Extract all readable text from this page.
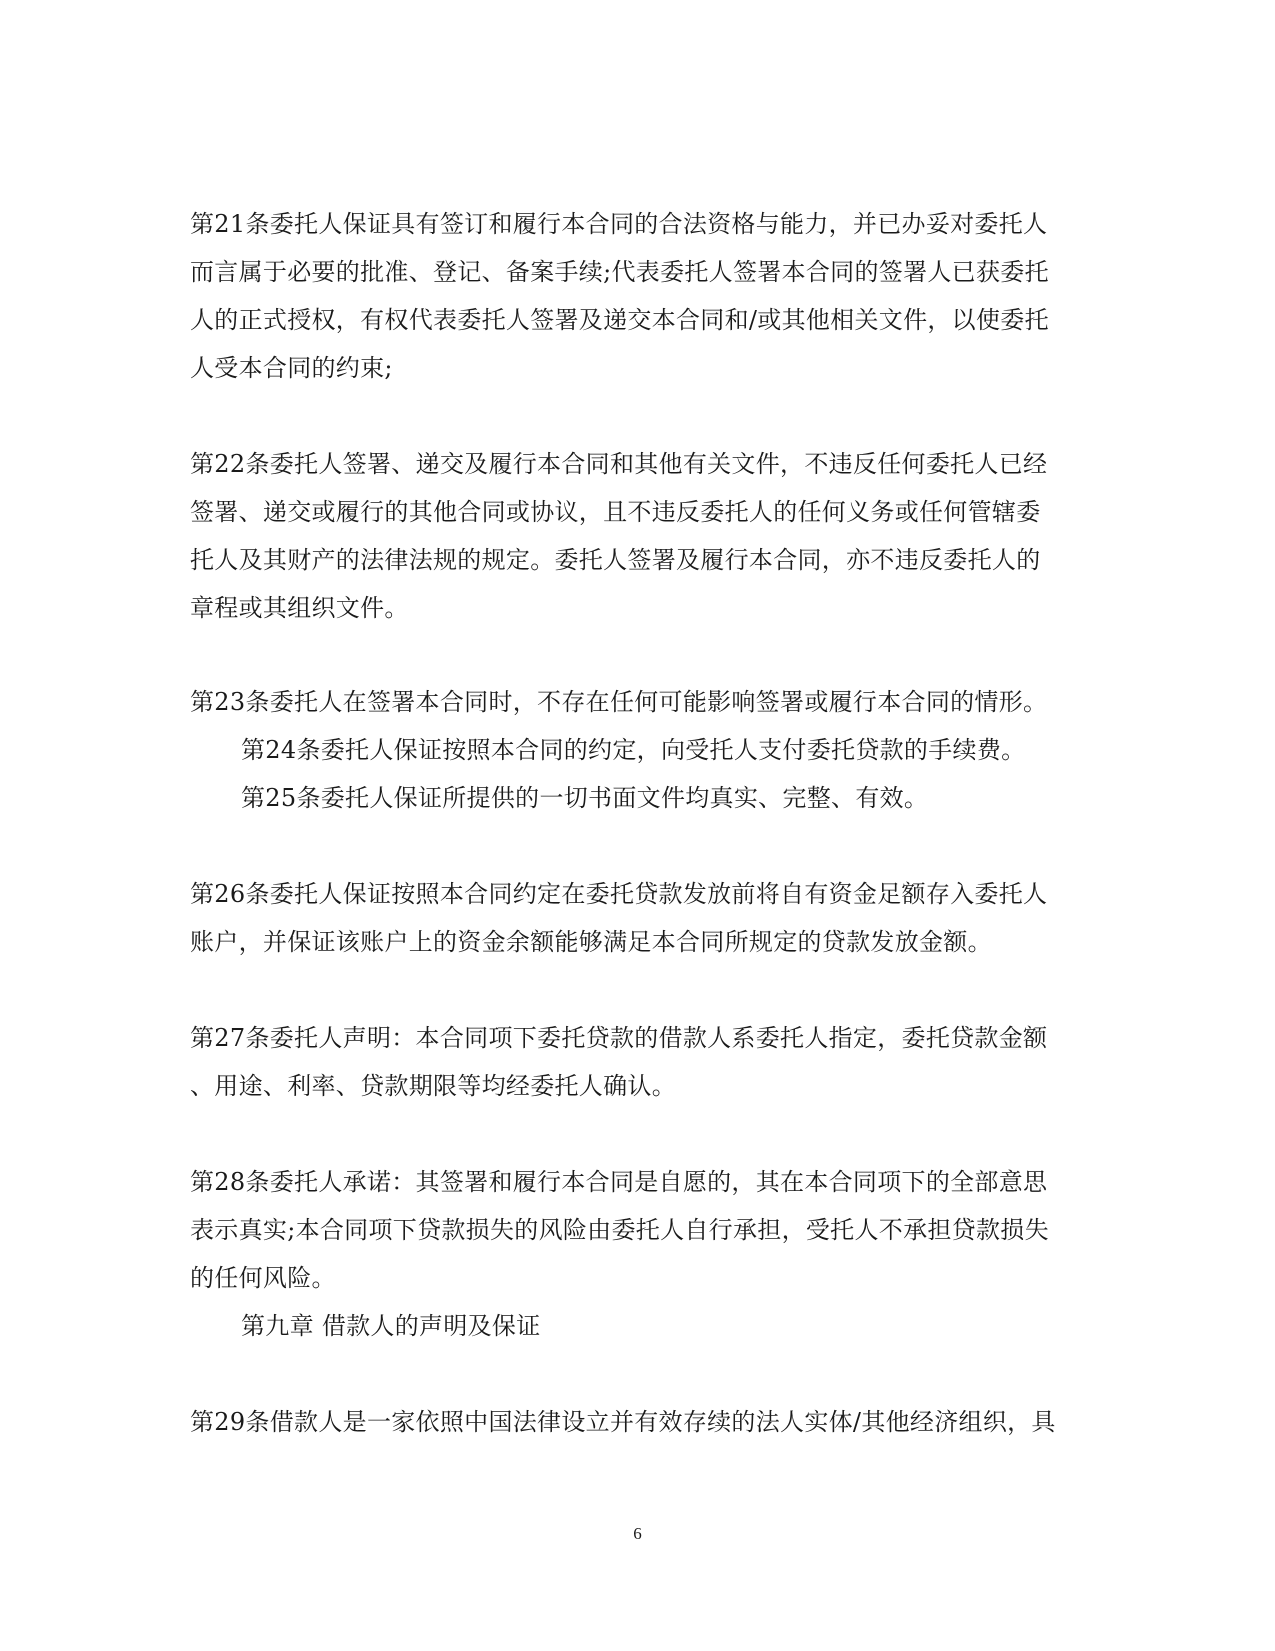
第21条委托人保证具有签订和履行本合同的合法资格与能力，并已办妥对委托人
而言属于必要的批准、登记、备案手续;代表委托人签署本合同的签署人已获委托
人的正式授权，有权代表委托人签署及递交本合同和/或其他相关文件，以使委托
人受本合同的约束;

第22条委托人签署、递交及履行本合同和其他有关文件，不违反任何委托人已经
签署、递交或履行的其他合同或协议，且不违反委托人的任何义务或任何管辖委
托人及其财产的法律法规的规定。委托人签署及履行本合同，亦不违反委托人的
章程或其组织文件。

第23条委托人在签署本合同时，不存在任何可能影响签署或履行本合同的情形。

第24条委托人保证按照本合同的约定，向受托人支付委托贷款的手续费。

第25条委托人保证所提供的一切书面文件均真实、完整、有效。

第26条委托人保证按照本合同约定在委托贷款发放前将自有资金足额存入委托人
账户，并保证该账户上的资金余额能够满足本合同所规定的贷款发放金额。

第27条委托人声明：本合同项下委托贷款的借款人系委托人指定，委托贷款金额
、用途、利率、贷款期限等均经委托人确认。

第28条委托人承诺：其签署和履行本合同是自愿的，其在本合同项下的全部意思
表示真实;本合同项下贷款损失的风险由委托人自行承担，受托人不承担贷款损失
的任何风险。

第九章 借款人的声明及保证

第29条借款人是一家依照中国法律设立并有效存续的法人实体/其他经济组织，具

6
